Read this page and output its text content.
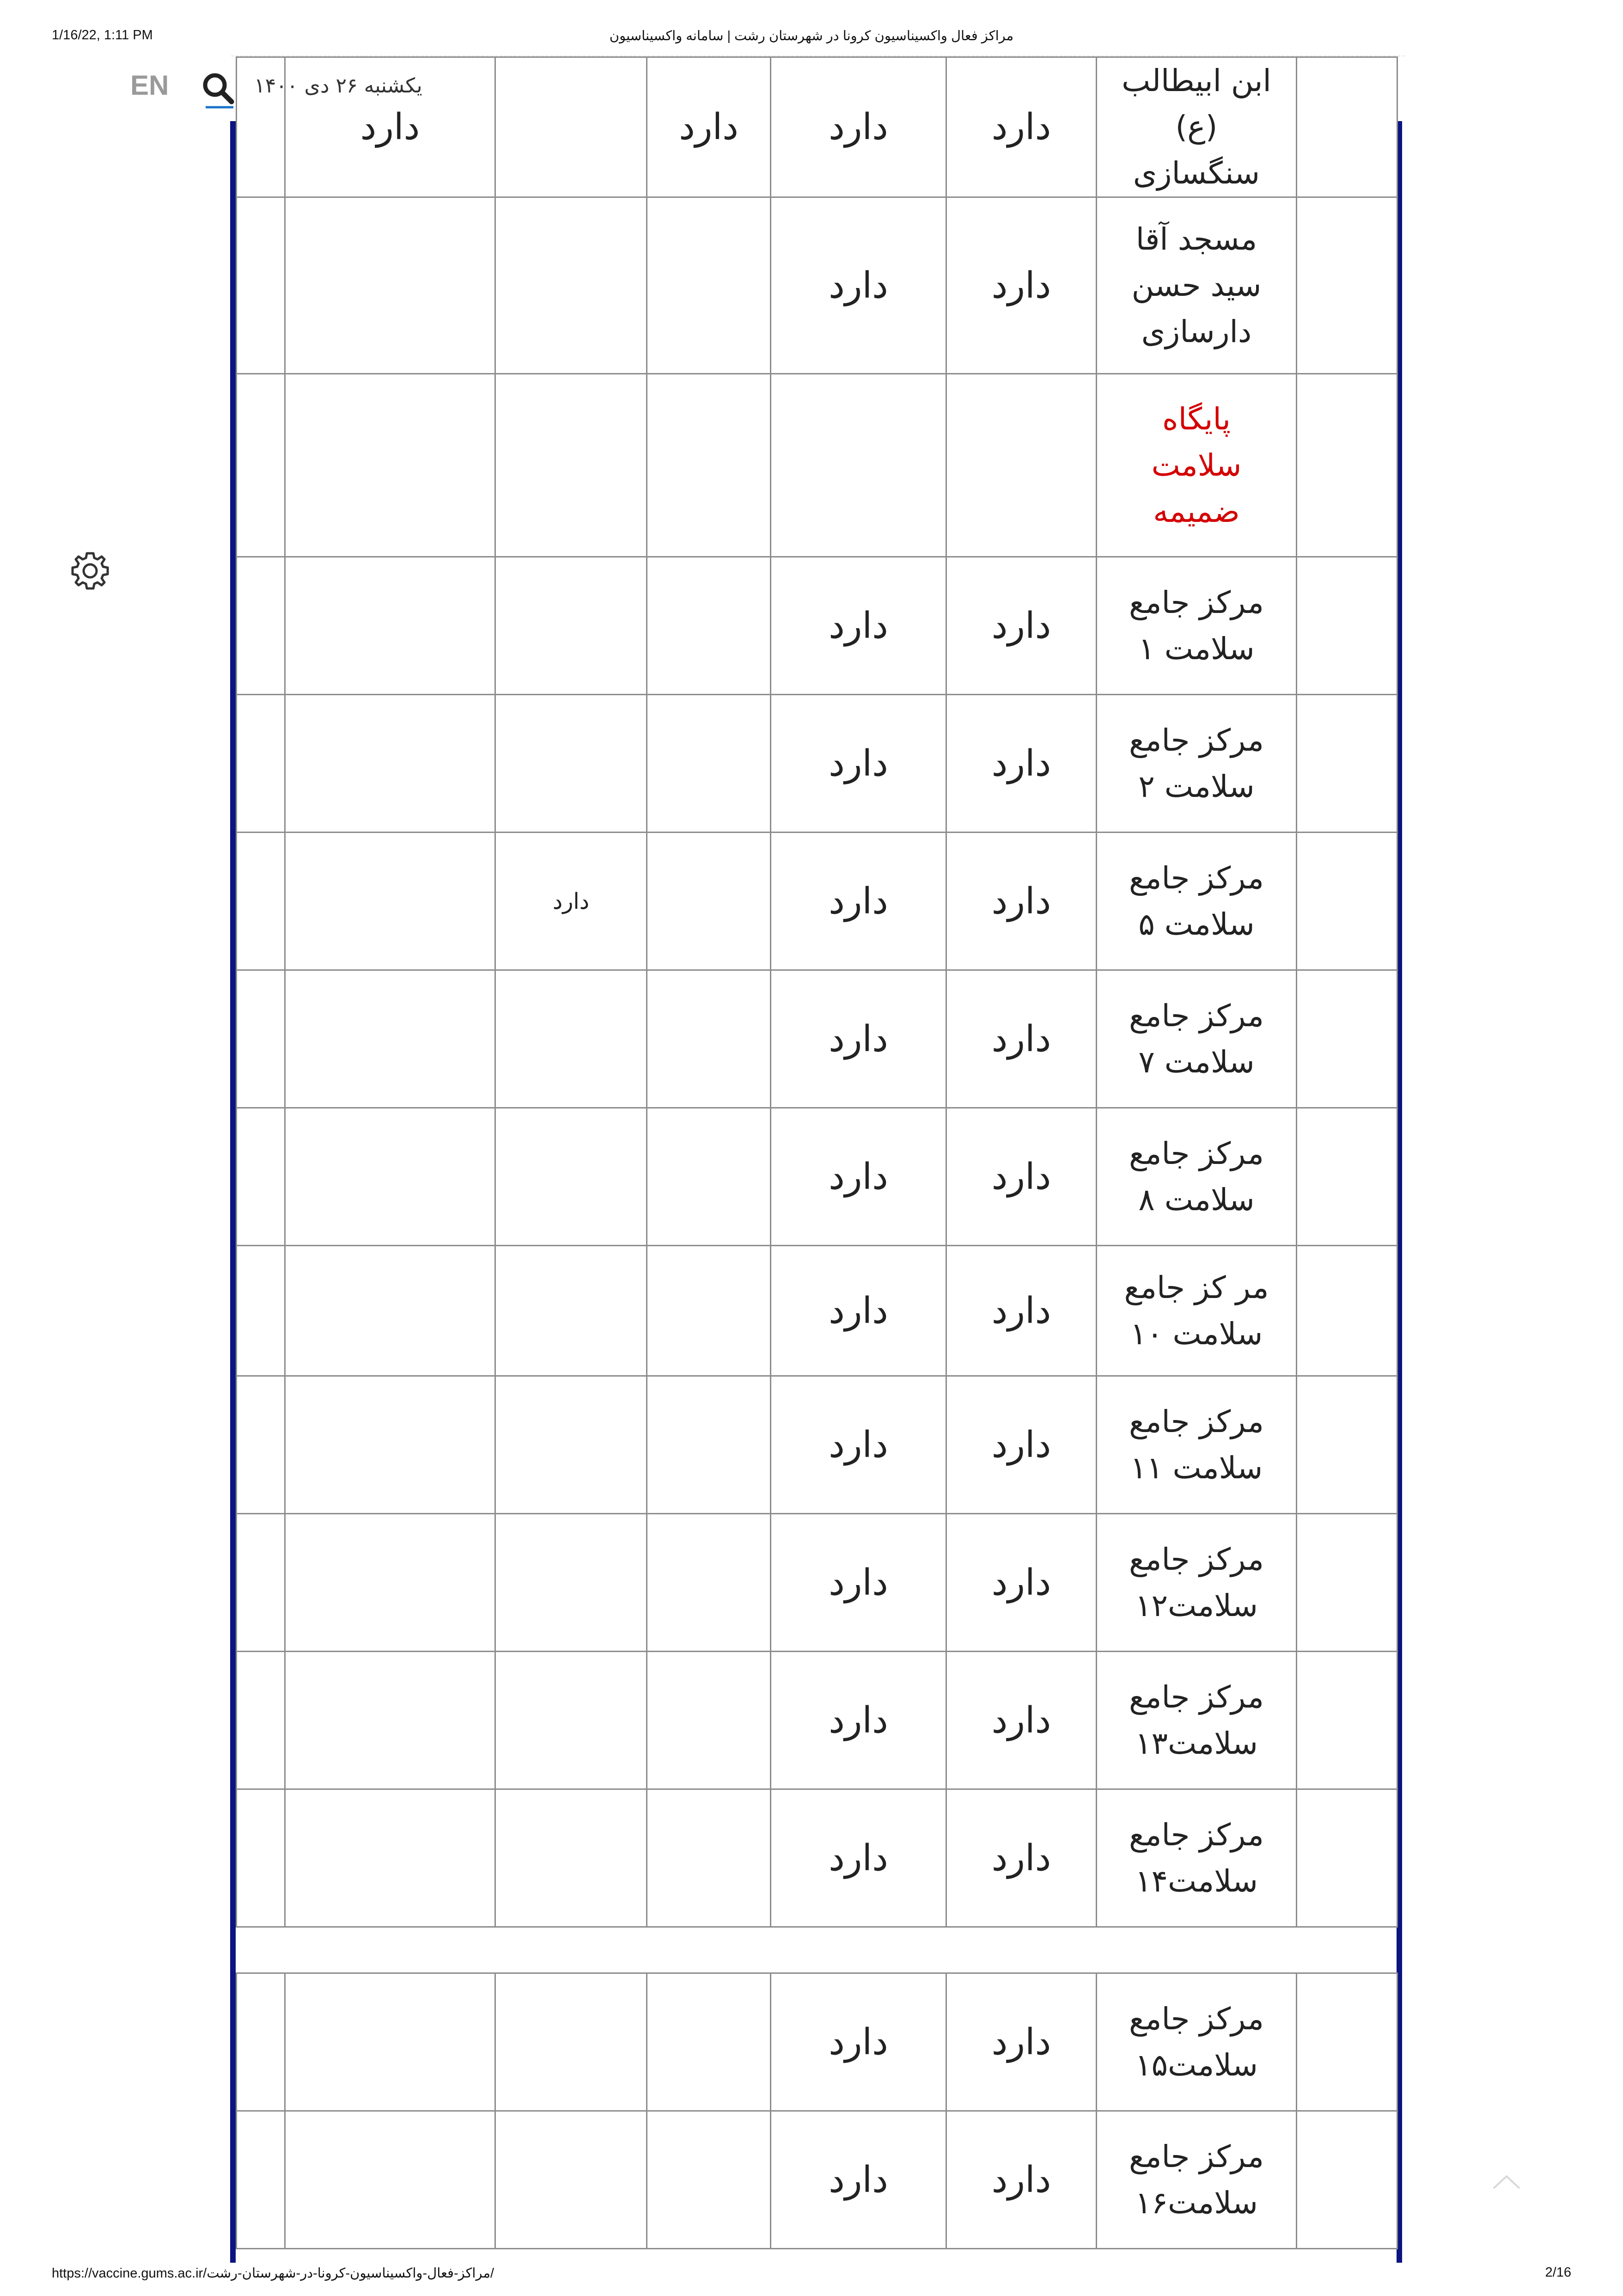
1/16/22, 1:11 PM	مراکز فعال واکسیناسیون کرونا در شهرستان رشت | سامانه واکسیناسیون
EN	یکشنبه ۲۶ دی ۱۴۰۰
	دارد		دارد	دارد	دارد	ابن ابیطالب
(ع)
سنگسازی	

				دارد	دارد	مسجد آقا
سید حسن
دارسازی	

						پایگاه
سلامت
ضمیمه	

				دارد	دارد	مرکز جامع
سلامت ۱	

				دارد	دارد	مرکز جامع
سلامت ۲	

		دارد		دارد	دارد	مرکز جامع
سلامت ۵	

				دارد	دارد	مرکز جامع
سلامت ۷	

				دارد	دارد	مرکز جامع
سلامت ۸	

				دارد	دارد	مر کز جامع
سلامت ۱۰	

				دارد	دارد	مرکز جامع
سلامت ۱۱	

				دارد	دارد	مرکز جامع
سلامت۱۲	

				دارد	دارد	مرکز جامع
سلامت۱۳	

				دارد	دارد	مرکز جامع
سلامت۱۴	

				دارد	دارد	مرکز جامع
سلامت۱۵	

				دارد	دارد	مرکز جامع
سلامت۱۶	

https://vaccine.gums.ac.ir/مراکز-فعال-واکسیناسیون-کرونا-در-شهرستان-رشت/	2/16
